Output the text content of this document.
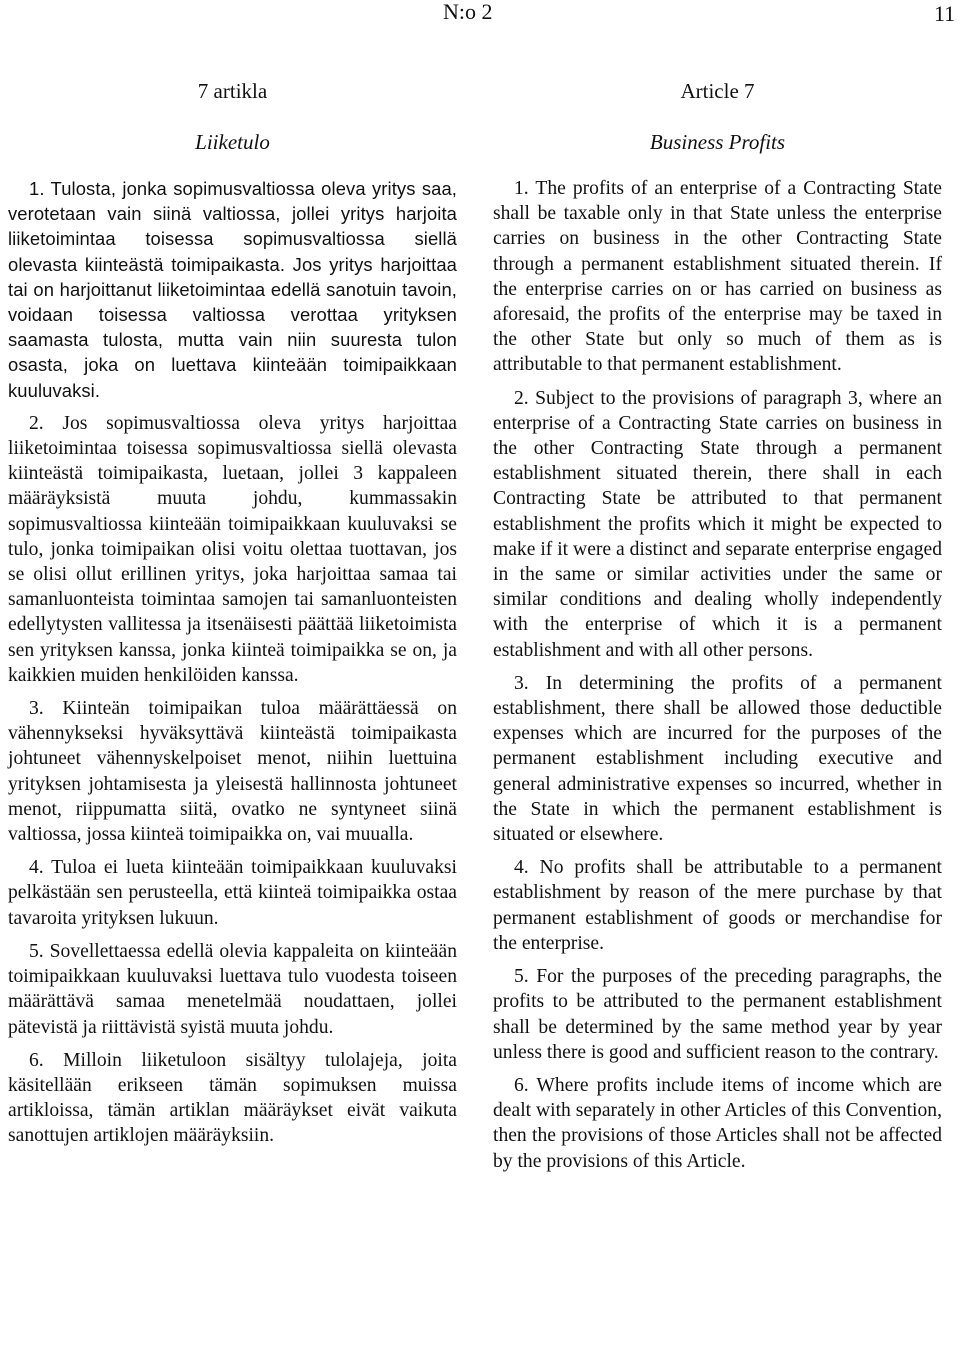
N:o 2	11
7 artikla
Liiketulo

1. Tulosta, jonka sopimusvaltiossa oleva yritys saa, verotetaan vain siinä valtiossa, jollei yritys harjoita liiketoimintaa toisessa sopimusvaltiossa siellä olevasta kiinteästä toimipaikasta. Jos yritys harjoittaa tai on harjoittanut liiketoimintaa edellä sanotuin tavoin, voidaan toisessa valtiossa verottaa yrityksen saamasta tulosta, mutta vain niin suuresta tulon osasta, joka on luettava kiinteään toimipaikkaan kuuluvaksi.

2. Jos sopimusvaltiossa oleva yritys harjoittaa liiketoimintaa toisessa sopimusvaltiossa siellä olevasta kiinteästä toimipaikasta, luetaan, jollei 3 kappaleen määräyksistä muuta johdu, kummassakin sopimusvaltiossa kiinteään toimipaikkaan kuuluvaksi se tulo, jonka toimipaikan olisi voitu olettaa tuottavan, jos se olisi ollut erillinen yritys, joka harjoittaa samaa tai samanluonteista toimintaa samojen tai samanluonteisten edellytysten vallitessa ja itsenäisesti päättää liiketoimista sen yrityksen kanssa, jonka kiinteä toimipaikka se on, ja kaikkien muiden henkilöiden kanssa.

3. Kiinteän toimipaikan tuloa määrättäessä on vähennykseksi hyväksyttävä kiinteästä toimipaikasta johtuneet vähennyskelpoiset menot, niihin luettuina yrityksen johtamisesta ja yleisestä hallinnosta johtuneet menot, riippumatta siitä, ovatko ne syntyneet siinä valtiossa, jossa kiinteä toimipaikka on, vai muualla.

4. Tuloa ei lueta kiinteään toimipaikkaan kuuluvaksi pelkästään sen perusteella, että kiinteä toimipaikka ostaa tavaroita yrityksen lukuun.

5. Sovellettaessa edellä olevia kappaleita on kiinteään toimipaikkaan kuuluvaksi luettava tulo vuodesta toiseen määrättävä samaa menetelmää noudattaen, jollei pätevistä ja riittävistä syistä muuta johdu.

6. Milloin liiketuloon sisältyy tulolajeja, joita käsitellään erikseen tämän sopimuksen muissa artikloissa, tämän artiklan määräykset eivät vaikuta sanottujen artiklojen määräyksiin.

Article 7
Business Profits

1. The profits of an enterprise of a Contracting State shall be taxable only in that State unless the enterprise carries on business in the other Contracting State through a permanent establishment situated therein. If the enterprise carries on or has carried on business as aforesaid, the profits of the enterprise may be taxed in the other State but only so much of them as is attributable to that permanent establishment.

2. Subject to the provisions of paragraph 3, where an enterprise of a Contracting State carries on business in the other Contracting State through a permanent establishment situated therein, there shall in each Contracting State be attributed to that permanent establishment the profits which it might be expected to make if it were a distinct and separate enterprise engaged in the same or similar activities under the same or similar conditions and dealing wholly independently with the enterprise of which it is a permanent establishment and with all other persons.

3. In determining the profits of a permanent establishment, there shall be allowed those deductible expenses which are incurred for the purposes of the permanent establishment including executive and general administrative expenses so incurred, whether in the State in which the permanent establishment is situated or elsewhere.

4. No profits shall be attributable to a permanent establishment by reason of the mere purchase by that permanent establishment of goods or merchandise for the enterprise.

5. For the purposes of the preceding paragraphs, the profits to be attributed to the permanent establishment shall be determined by the same method year by year unless there is good and sufficient reason to the contrary.

6. Where profits include items of income which are dealt with separately in other Articles of this Convention, then the provisions of those Articles shall not be affected by the provisions of this Article.
